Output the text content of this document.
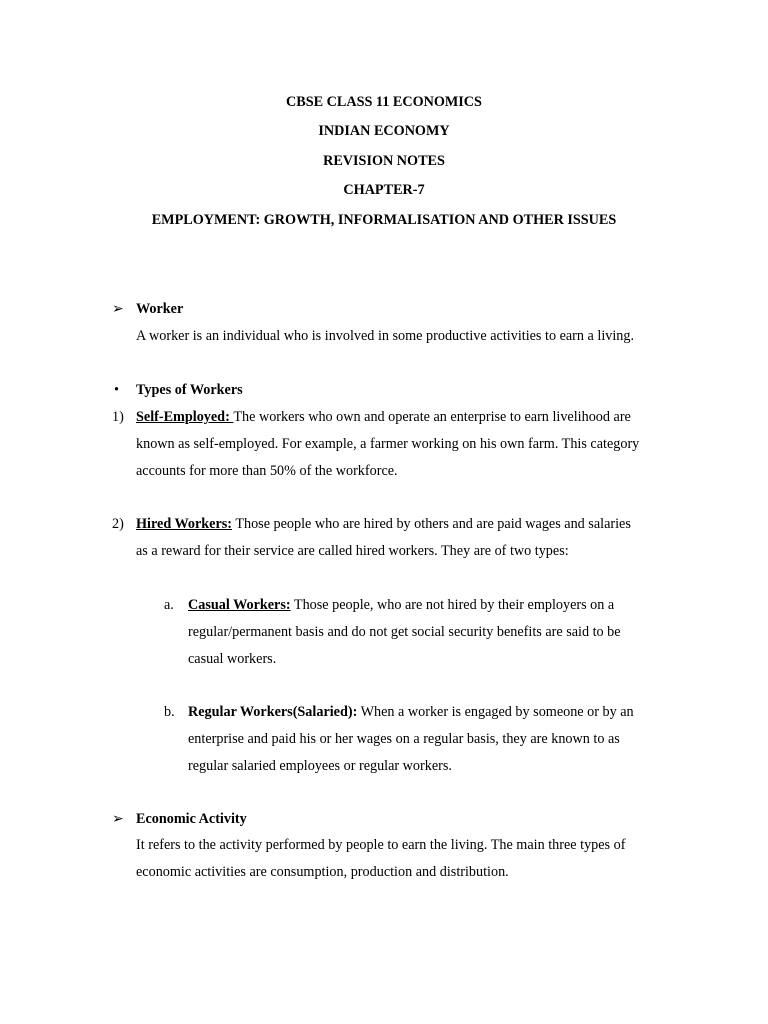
CBSE CLASS 11 ECONOMICS
INDIAN ECONOMY
REVISION NOTES
CHAPTER-7
EMPLOYMENT: GROWTH, INFORMALISATION AND OTHER ISSUES
➢ Worker
A worker is an individual who is involved in some productive activities to earn a living.
• Types of Workers
1) Self-Employed: The workers who own and operate an enterprise to earn livelihood are
known as self-employed. For example, a farmer working on his own farm. This category
accounts for more than 50% of the workforce.
2) Hired Workers: Those people who are hired by others and are paid wages and salaries
as a reward for their service are called hired workers. They are of two types:
a. Casual Workers: Those people, who are not hired by their employers on a
regular/permanent basis and do not get social security benefits are said to be
casual workers.
b. Regular Workers(Salaried): When a worker is engaged by someone or by an
enterprise and paid his or her wages on a regular basis, they are known to as
regular salaried employees or regular workers.
➢ Economic Activity
It refers to the activity performed by people to earn the living. The main three types of
economic activities are consumption, production and distribution.
